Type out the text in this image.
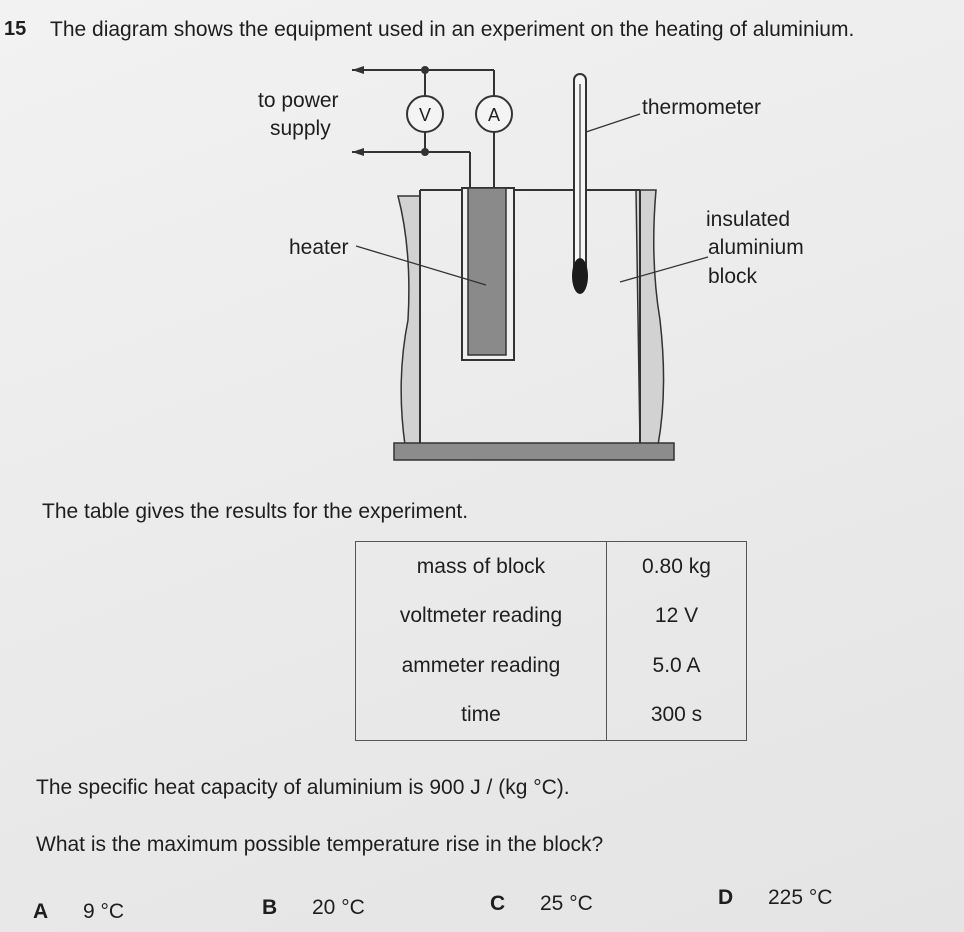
15 The diagram shows the equipment used in an experiment on the heating of aluminium.
V	A
to power
supply
thermometer
heater
insulated
aluminium
block
The table gives the results for the experiment.
mass of block	0.80 kg
voltmeter reading	12 V
ammeter reading	5.0 A
time	300 s
The specific heat capacity of aluminium is 900 J / (kg °C).
What is the maximum possible temperature rise in the block?
A 9 °C	B 20 °C	C 25 °C	D 225 °C
